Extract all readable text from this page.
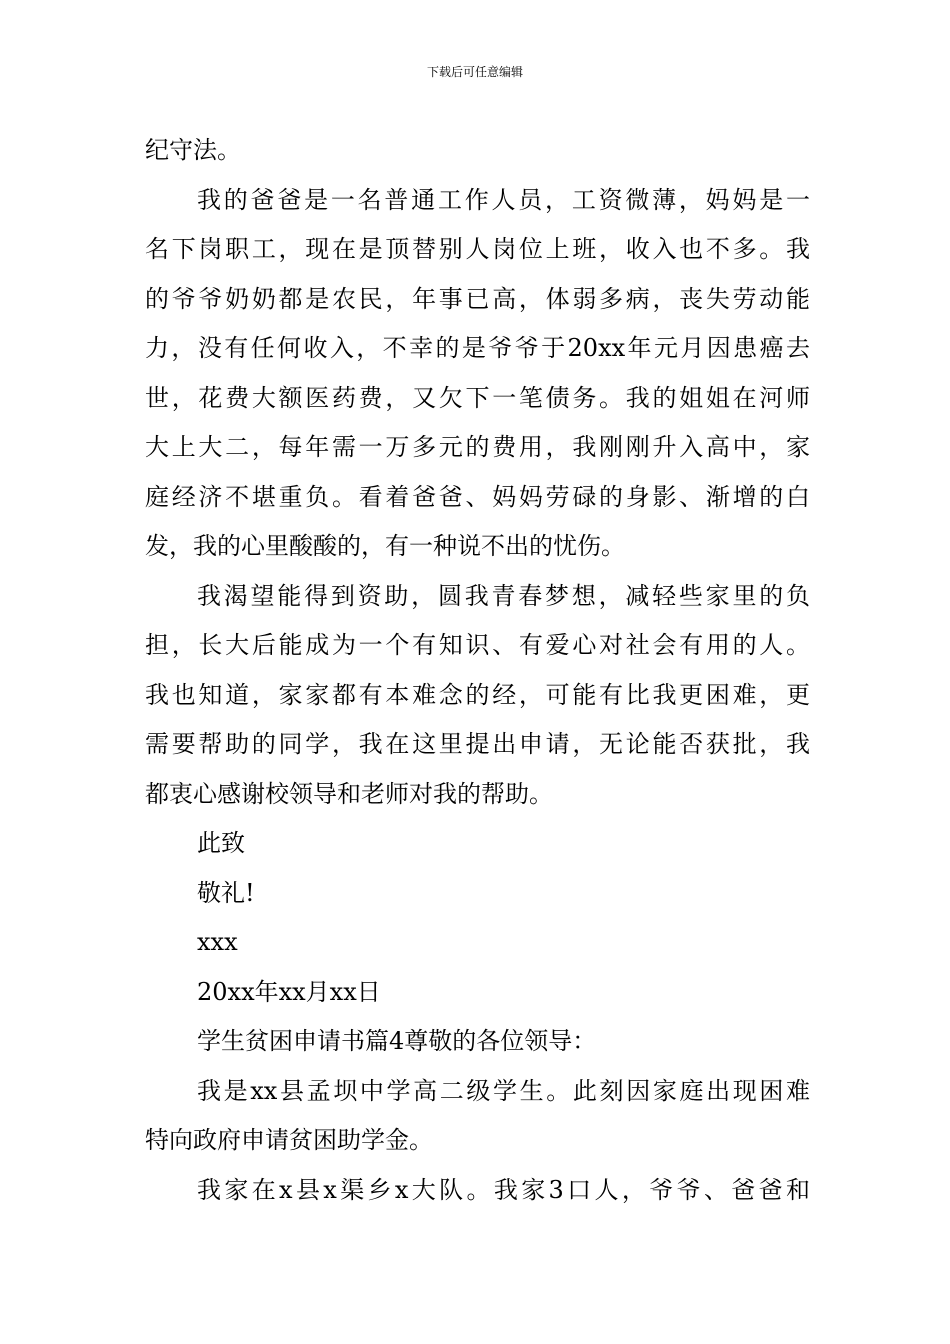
下载后可任意编辑
纪守法。
我的爸爸是一名普通工作人员，工资微薄，妈妈是一
名下岗职工，现在是顶替别人岗位上班，收入也不多。我
的爷爷奶奶都是农民，年事已高，体弱多病，丧失劳动能
力，没有任何收入，不幸的是爷爷于20xx年元月因患癌去
世，花费大额医药费，又欠下一笔债务。我的姐姐在河师
大上大二，每年需一万多元的费用，我刚刚升入高中，家
庭经济不堪重负。看着爸爸、妈妈劳碌的身影、渐增的白
发，我的心里酸酸的，有一种说不出的忧伤。
我渴望能得到资助，圆我青春梦想，减轻些家里的负
担，长大后能成为一个有知识、有爱心对社会有用的人。
我也知道，家家都有本难念的经，可能有比我更困难，更
需要帮助的同学，我在这里提出申请，无论能否获批，我
都衷心感谢校领导和老师对我的帮助。
此致
敬礼!
xxx
20xx年xx月xx日
学生贫困申请书篇4尊敬的各位领导：
我是xx县孟坝中学高二级学生。此刻因家庭出现困难
特向政府申请贫困助学金。
我家在x县x渠乡x大队。我家3口人，爷爷、爸爸和
